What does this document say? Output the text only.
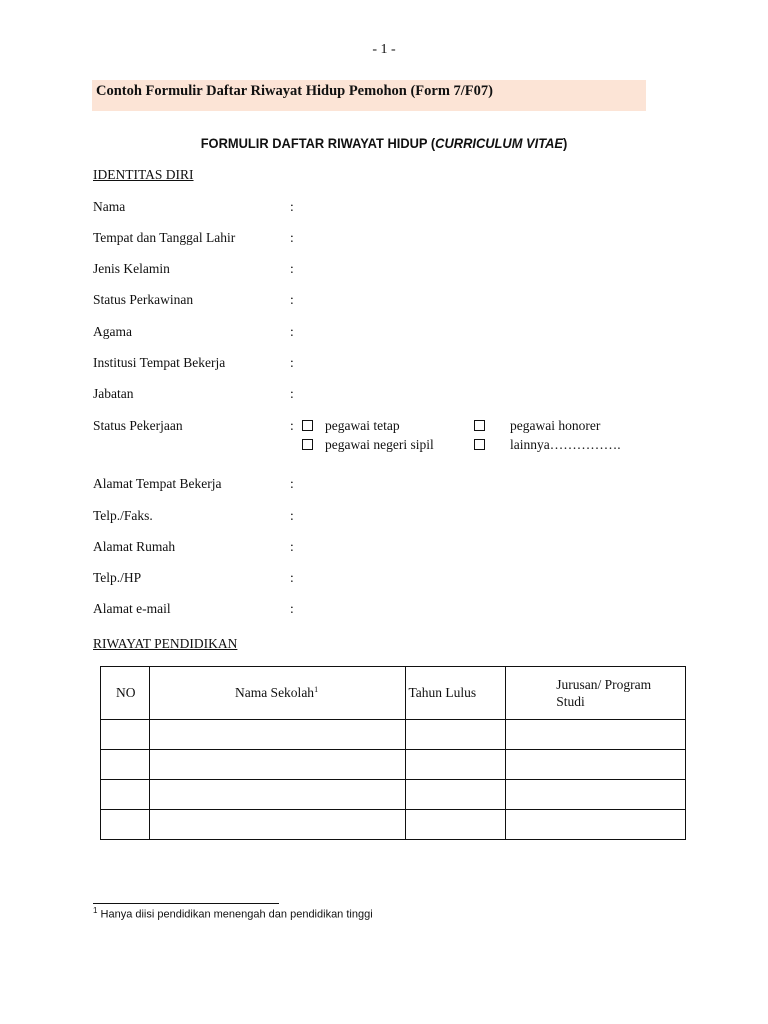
- 1 -
Contoh Formulir Daftar Riwayat Hidup Pemohon (Form 7/F07)
FORMULIR DAFTAR RIWAYAT HIDUP (CURRICULUM VITAE)
IDENTITAS DIRI
Nama	:
Tempat dan Tanggal Lahir	:
Jenis Kelamin	:
Status Perkawinan	:
Agama	:
Institusi Tempat Bekerja	:
Jabatan	:
Status Pekerjaan	: pegawai tetap	pegawai honorer
pegawai negeri sipil	lainnya…………….
Alamat Tempat Bekerja	:
Telp./Faks.	:
Alamat Rumah	:
Telp./HP	:
Alamat e-mail	:
RIWAYAT PENDIDIKAN
NO	Nama Sekolah$^1$	Tahun Lulus	Jurusan/ Program
Studi

$^1$ Hanya diisi pendidikan menengah dan pendidikan tinggi
